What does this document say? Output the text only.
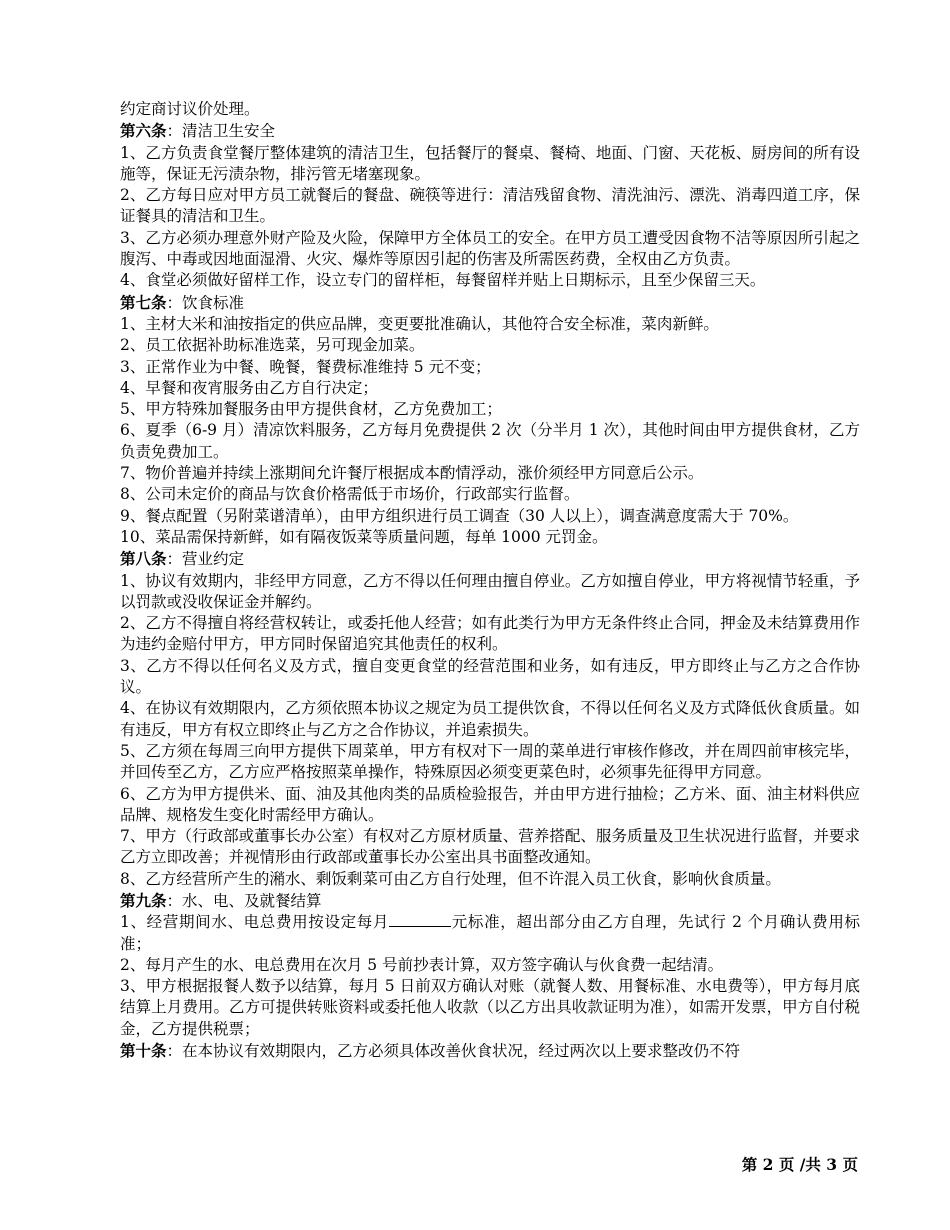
约定商讨议价处理。

第六条：清洁卫生安全

1、乙方负责食堂餐厅整体建筑的清洁卫生，包括餐厅的餐桌、餐椅、地面、门窗、天花板、厨房间的所有设施等，保证无污渍杂物，排污管无堵塞现象。

2、乙方每日应对甲方员工就餐后的餐盘、碗筷等进行：清洁残留食物、清洗油污、漂洗、消毒四道工序，保证餐具的清洁和卫生。

3、乙方必须办理意外财产险及火险，保障甲方全体员工的安全。在甲方员工遭受因食物不洁等原因所引起之腹泻、中毒或因地面湿滑、火灾、爆炸等原因引起的伤害及所需医药费，全权由乙方负责。

4、食堂必须做好留样工作，设立专门的留样柜，每餐留样并贴上日期标示，且至少保留三天。

第七条：饮食标准

1、主材大米和油按指定的供应品牌，变更要批准确认，其他符合安全标准，菜肉新鲜。

2、员工依据补助标准选菜，另可现金加菜。

3、正常作业为中餐、晚餐，餐费标准维持 5 元不变；

4、早餐和夜宵服务由乙方自行决定；

5、甲方特殊加餐服务由甲方提供食材，乙方免费加工；

6、夏季（6-9 月）清凉饮料服务，乙方每月免费提供 2 次（分半月 1 次），其他时间由甲方提供食材，乙方负责免费加工。

7、物价普遍并持续上涨期间允许餐厅根据成本酌情浮动，涨价须经甲方同意后公示。

8、公司未定价的商品与饮食价格需低于市场价，行政部实行监督。

9、餐点配置（另附菜谱清单），由甲方组织进行员工调查（30 人以上），调查满意度需大于 70%。

10、菜品需保持新鲜，如有隔夜饭菜等质量问题，每单 1000 元罚金。

第八条：营业约定

1、协议有效期内，非经甲方同意，乙方不得以任何理由擅自停业。乙方如擅自停业，甲方将视情节轻重，予以罚款或没收保证金并解约。

2、乙方不得擅自将经营权转让，或委托他人经营；如有此类行为甲方无条件终止合同，押金及未结算费用作为违约金赔付甲方，甲方同时保留追究其他责任的权利。

3、乙方不得以任何名义及方式，擅自变更食堂的经营范围和业务，如有违反，甲方即终止与乙方之合作协议。

4、在协议有效期限内，乙方须依照本协议之规定为员工提供饮食，不得以任何名义及方式降低伙食质量。如有违反，甲方有权立即终止与乙方之合作协议，并追索损失。

5、乙方须在每周三向甲方提供下周菜单，甲方有权对下一周的菜单进行审核作修改，并在周四前审核完毕，并回传至乙方，乙方应严格按照菜单操作，特殊原因必须变更菜色时，必须事先征得甲方同意。

6、乙方为甲方提供米、面、油及其他肉类的品质检验报告，并由甲方进行抽检；乙方米、面、油主材料供应品牌、规格发生变化时需经甲方确认。

7、甲方（行政部或董事长办公室）有权对乙方原材质量、营养搭配、服务质量及卫生状况进行监督，并要求乙方立即改善；并视情形由行政部或董事长办公室出具书面整改通知。

8、乙方经营所产生的潲水、剩饭剩菜可由乙方自行处理，但不许混入员工伙食，影响伙食质量。

第九条：水、电、及就餐结算

1、经营期间水、电总费用按设定每月	元标准，超出部分由乙方自理，先试行 2 个月确认费用标准；

2、每月产生的水、电总费用在次月 5 号前抄表计算，双方签字确认与伙食费一起结清。

3、甲方根据报餐人数予以结算，每月 5 日前双方确认对账（就餐人数、用餐标准、水电费等），甲方每月底结算上月费用。乙方可提供转账资料或委托他人收款（以乙方出具收款证明为准），如需开发票，甲方自付税金，乙方提供税票；

第十条：在本协议有效期限内，乙方必须具体改善伙食状况，经过两次以上要求整改仍不符

第 2 页 /共 3 页
